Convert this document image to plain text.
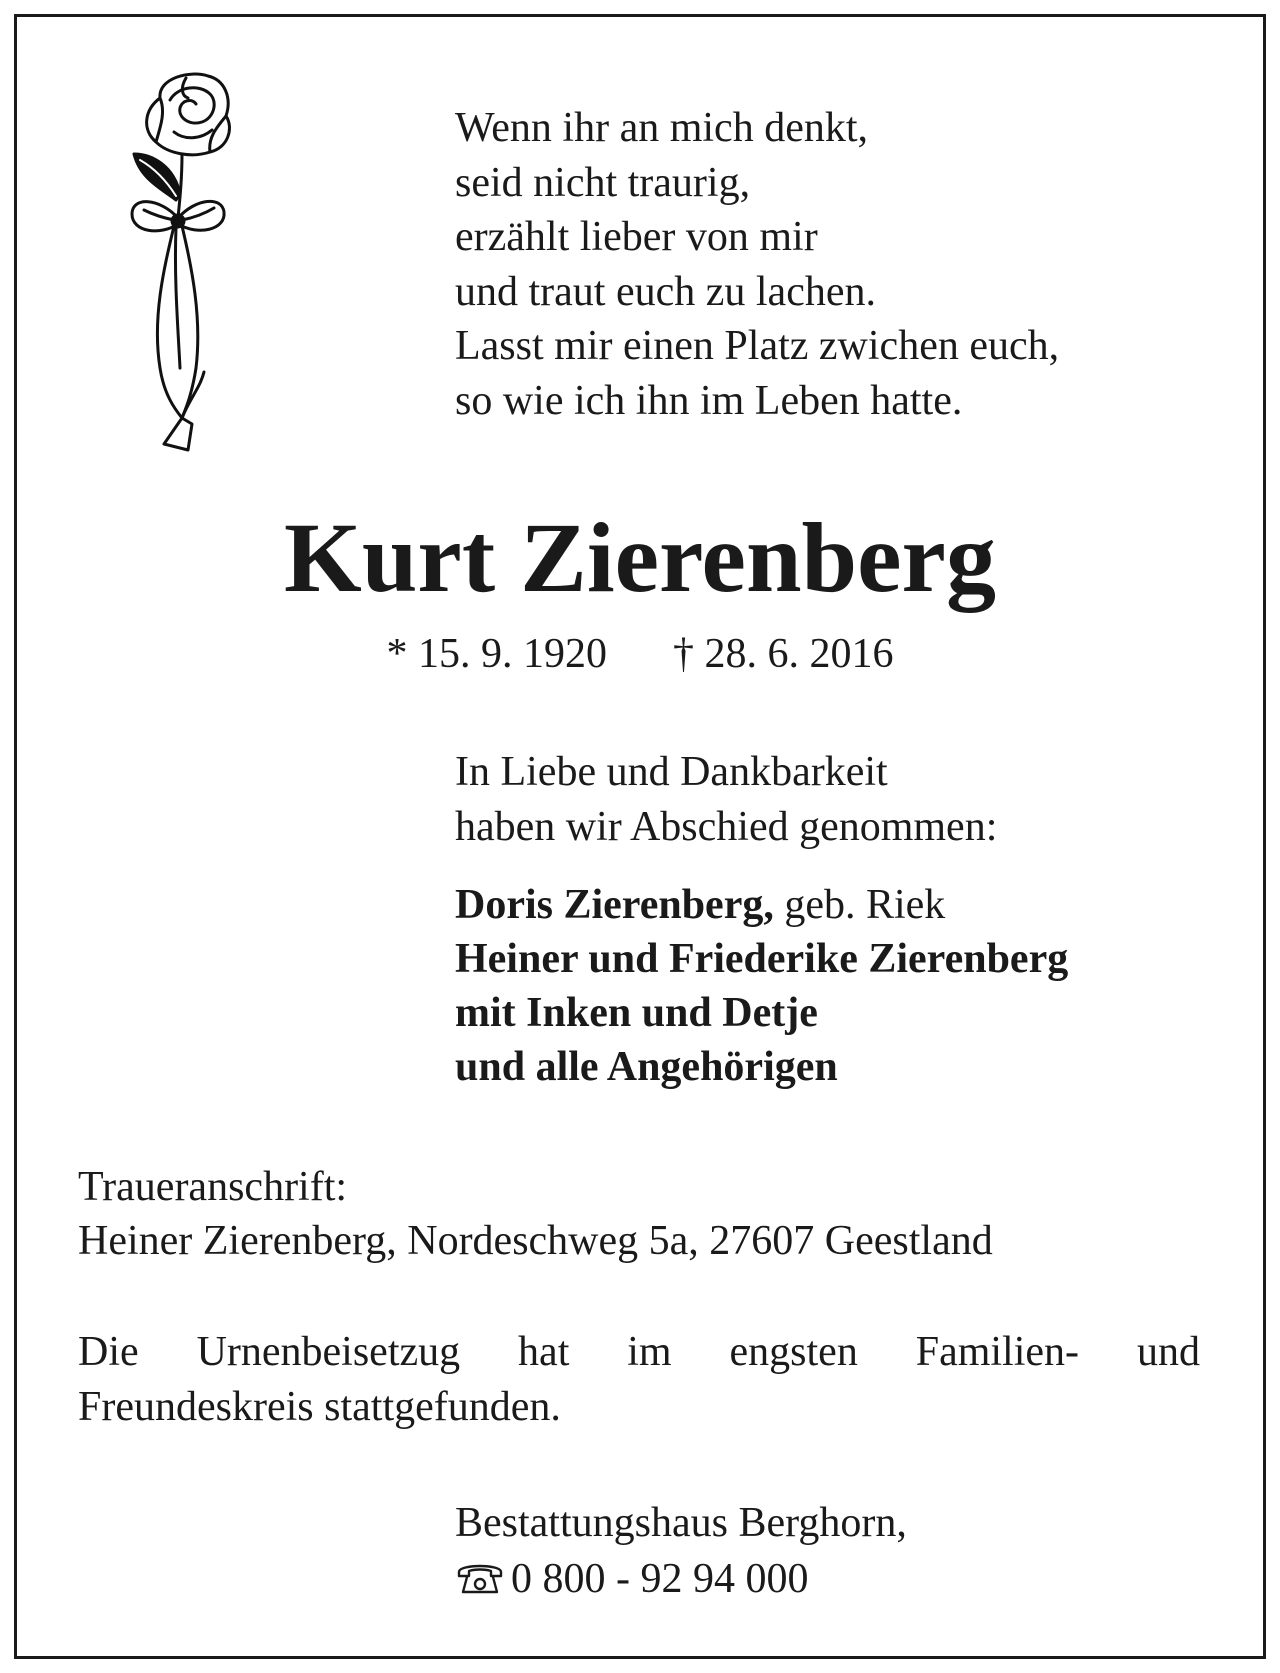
Wenn ihr an mich denkt,
seid nicht traurig,
erzählt lieber von mir
und traut euch zu lachen.
Lasst mir einen Platz zwichen euch,
so wie ich ihn im Leben hatte.
Kurt Zierenberg
* 15. 9. 1920 † 28. 6. 2016
In Liebe und Dankbarkeit
haben wir Abschied genommen:
Doris Zierenberg, geb. Riek
Heiner und Friederike Zierenberg
mit Inken und Detje
und alle Angehörigen
Traueranschrift:
Heiner Zierenberg, Nordeschweg 5a, 27607 Geestland
Die Urnenbeisetzug hat im engsten Familien- und
Freundeskreis stattgefunden.
Bestattungshaus Berghorn,
0 800 - 92 94 000
